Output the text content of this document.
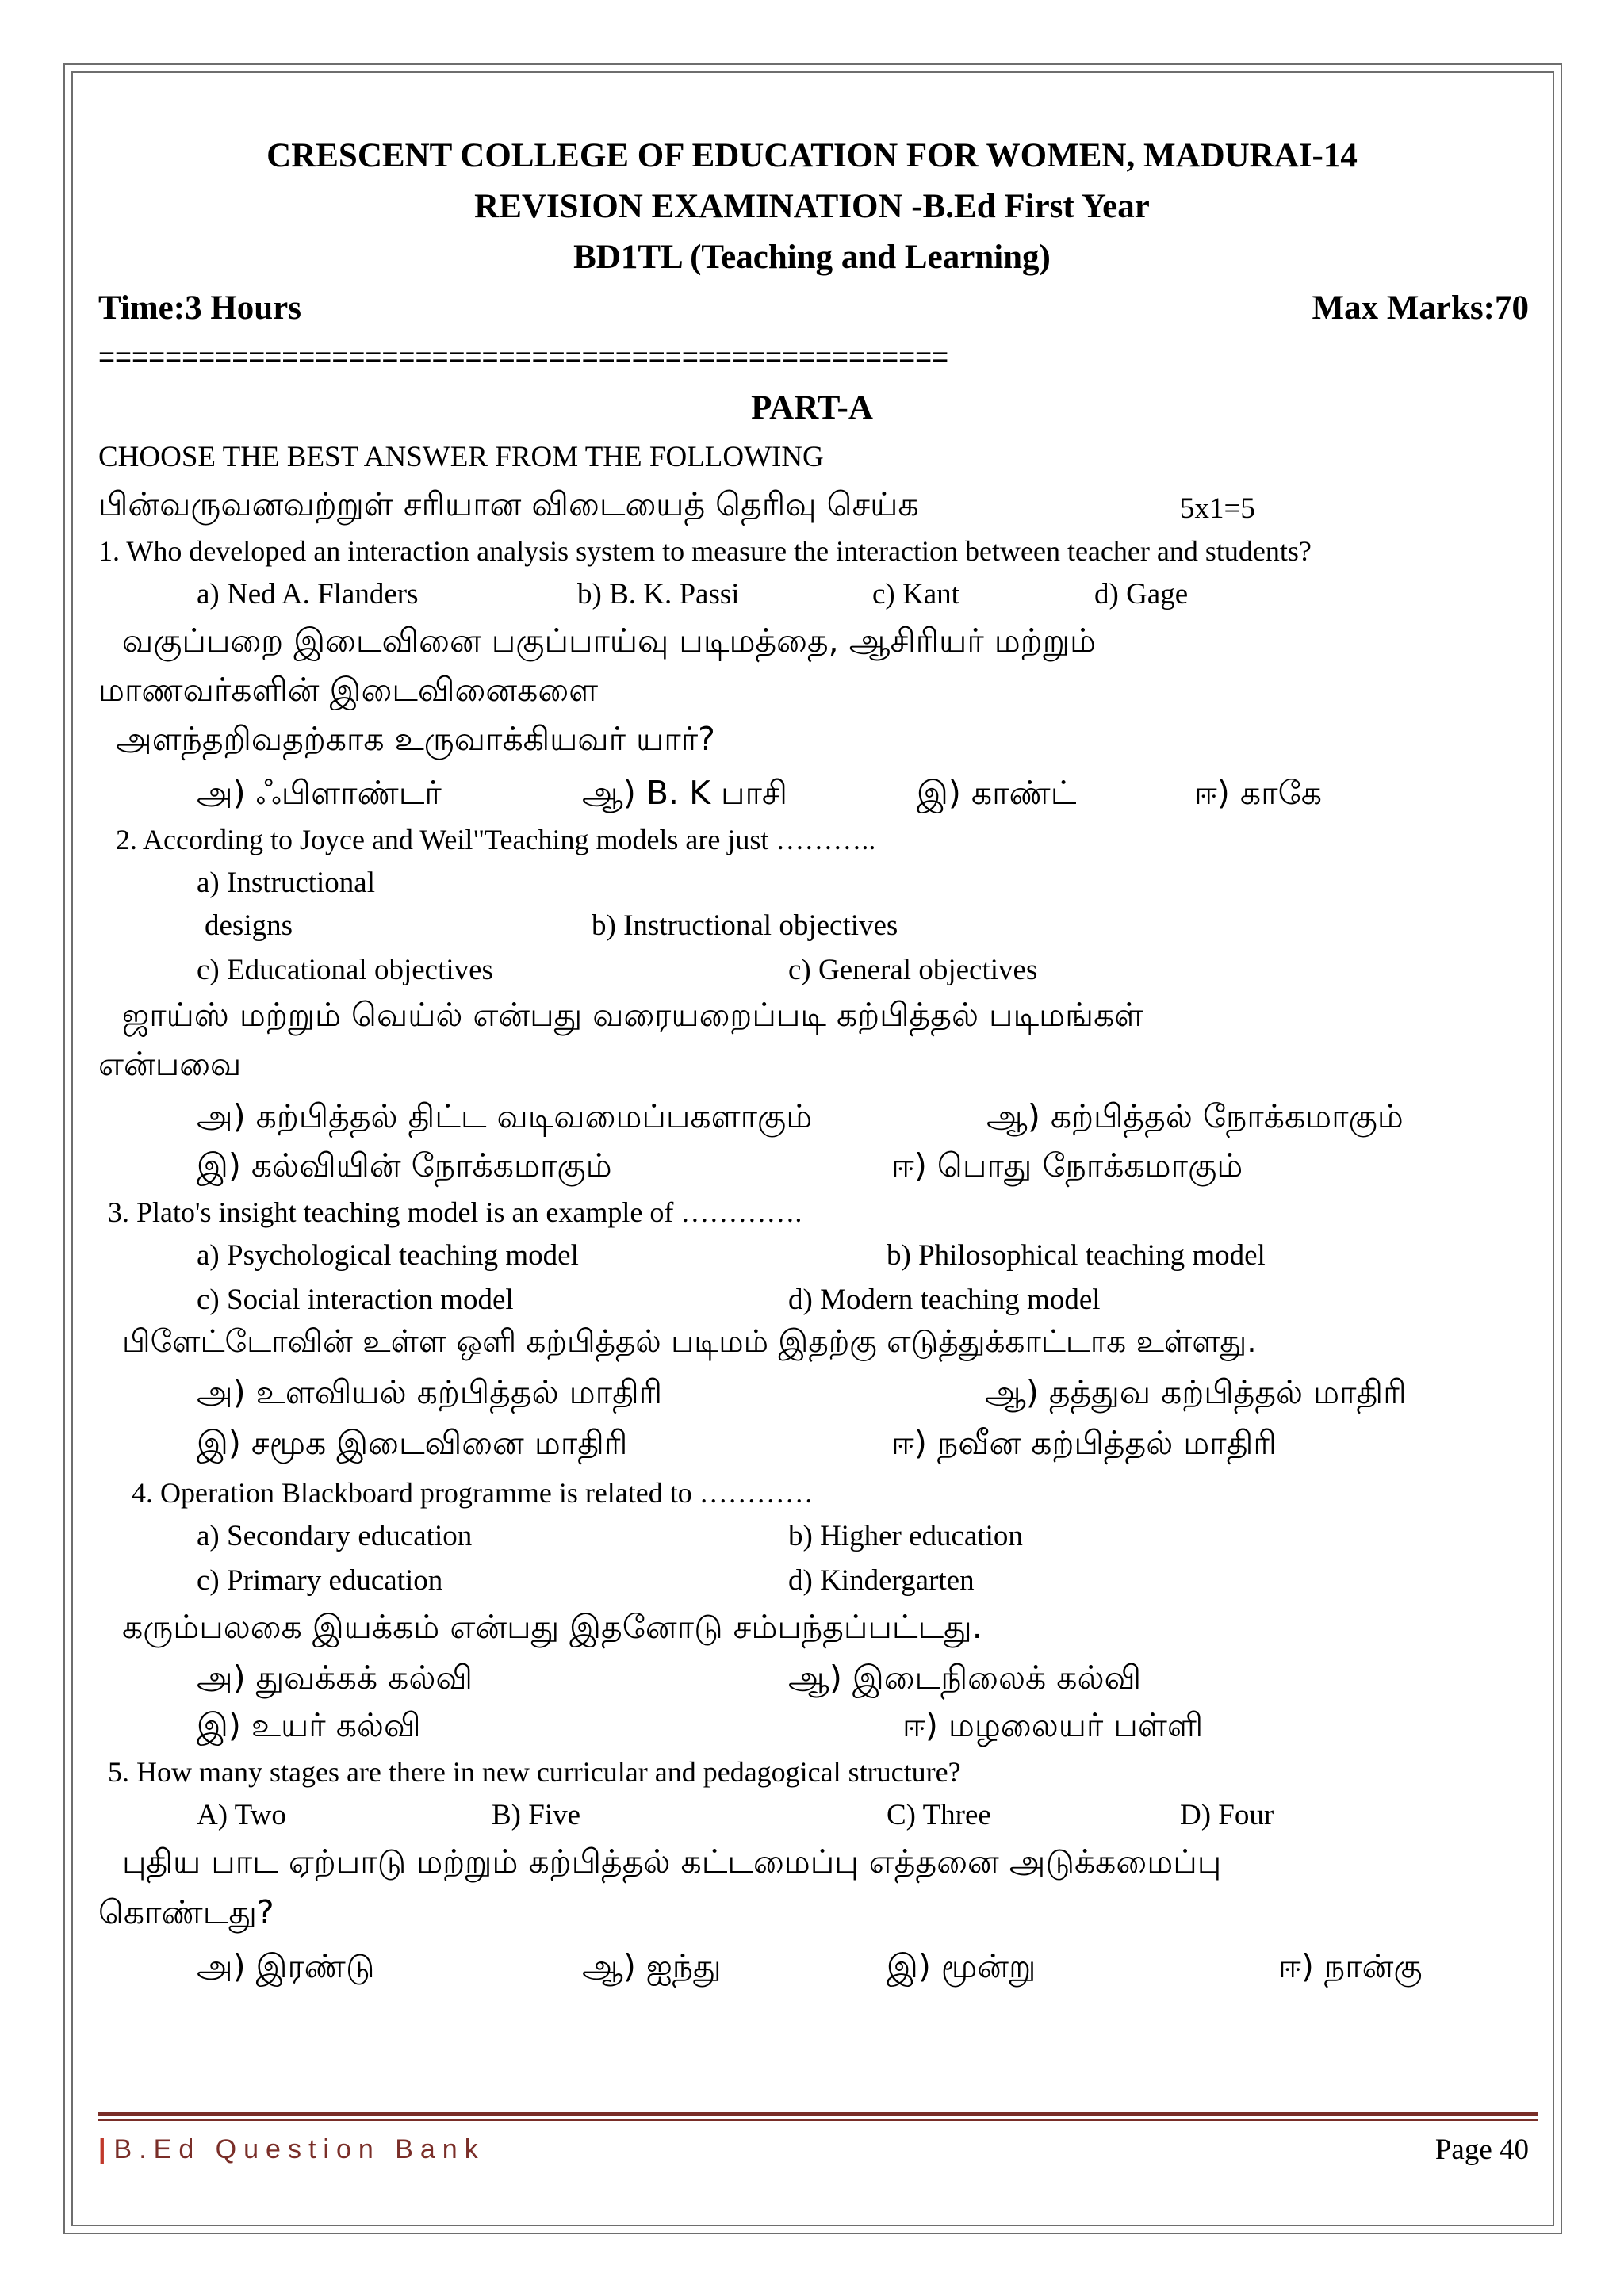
CRESCENT COLLEGE OF EDUCATION FOR WOMEN, MADURAI-14
REVISION EXAMINATION -B.Ed First Year
BD1TL (Teaching and Learning)
Time:3 Hours	Max Marks:70
===================================================
PART-A
CHOOSE THE BEST ANSWER FROM THE FOLLOWING
பின்வருவனவற்றுள் சரியான விடையைத் தெரிவு செய்க	5x1=5
1. Who developed an interaction analysis system to measure the interaction between teacher and students?
a) Ned A. Flanders	b) B. K. Passi	c) Kant	d) Gage
வகுப்பறை இடைவினை பகுப்பாய்வு படிமத்தை, ஆசிரியர் மற்றும்
மாணவர்களின் இடைவினைகளை
அளந்தறிவதற்காக உருவாக்கியவர் யார்?
அ) ஃபிளாண்டர்	ஆ) B. K பாசி	இ) காண்ட்	ஈ) காகே
2. According to Joyce and Weil"Teaching models are just ………..
a) Instructional
designs	b) Instructional objectives
c) Educational objectives	c) General objectives
ஜாய்ஸ் மற்றும் வெய்ல் என்பது வரையறைப்படி கற்பித்தல் படிமங்கள்
என்பவை
அ) கற்பித்தல் திட்ட வடிவமைப்பகளாகும்	ஆ) கற்பித்தல் நோக்கமாகும்
இ) கல்வியின் நோக்கமாகும்	ஈ) பொது நோக்கமாகும்
3. Plato's insight teaching model is an example of ………….
a) Psychological teaching model	b) Philosophical teaching model
c) Social interaction model	d) Modern teaching model
பிளேட்டோவின் உள்ள ஒளி கற்பித்தல் படிமம் இதற்கு எடுத்துக்காட்டாக உள்ளது.
அ) உளவியல் கற்பித்தல் மாதிரி	ஆ) தத்துவ கற்பித்தல் மாதிரி
இ) சமூக இடைவினை மாதிரி	ஈ) நவீன கற்பித்தல் மாதிரி
4. Operation Blackboard programme is related to …………
a) Secondary education	b) Higher education
c) Primary education	d) Kindergarten
கரும்பலகை இயக்கம் என்பது இதனோடு சம்பந்தப்பட்டது.
அ) துவக்கக் கல்வி	ஆ) இடைநிலைக் கல்வி
இ) உயர் கல்வி	ஈ) மழலையர் பள்ளி
5. How many stages are there in new curricular and pedagogical structure?
A) Two	B) Five	C) Three	D) Four
புதிய பாட ஏற்பாடு மற்றும் கற்பித்தல் கட்டமைப்பு எத்தனை அடுக்கமைப்பு
கொண்டது?
அ) இரண்டு	ஆ) ஐந்து	இ) மூன்று	ஈ) நான்கு
| B.Ed Question Bank	Page 40
